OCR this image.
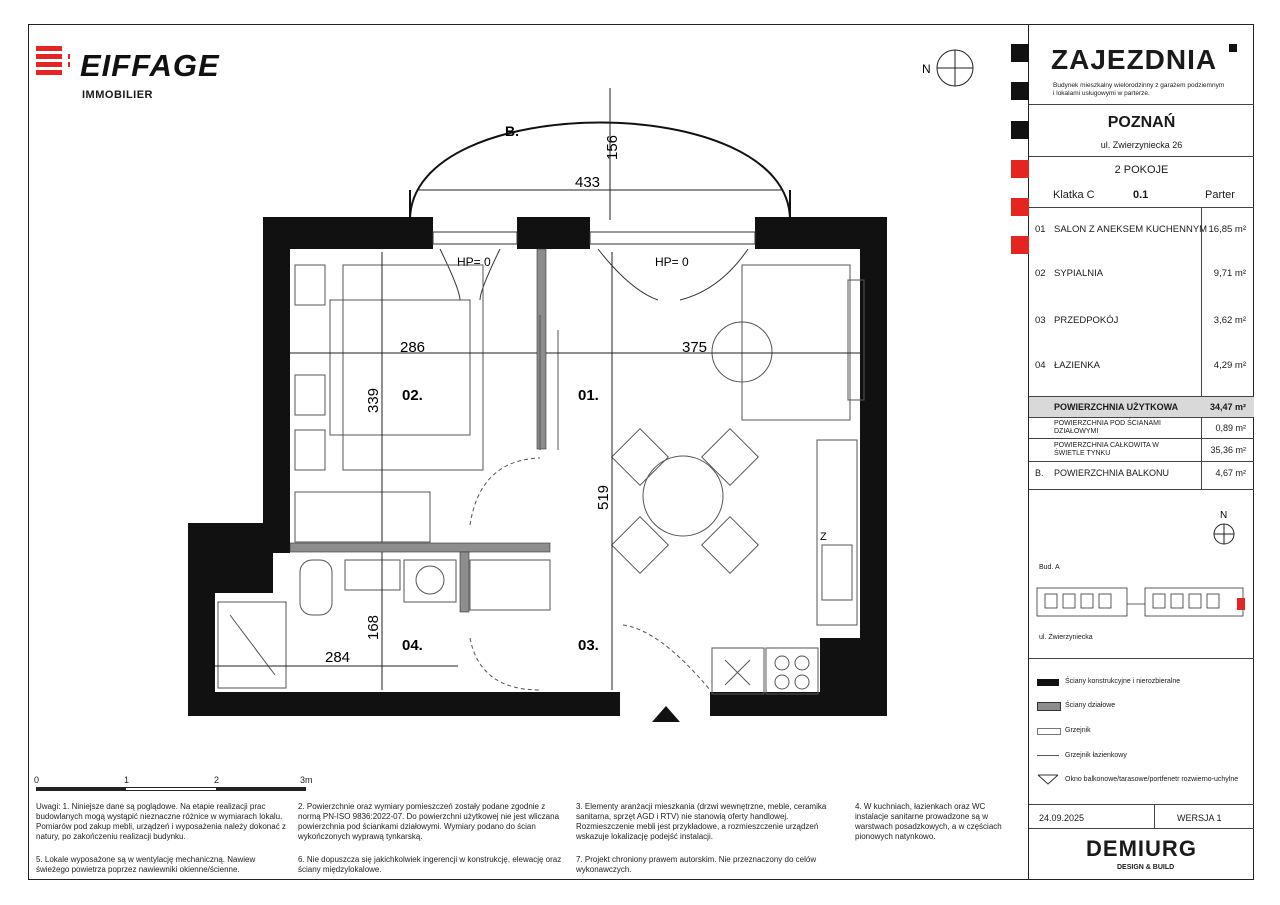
EIFFAGE
IMMOBILIER
B.
HP= 0	HP= 0
Z
156
433
286	375
339
519
168
284
01.
02.
03.
04.
N
0	1	2	3m
Uwagi: 1. Niniejsze dane są poglądowe. Na etapie realizacji prac budowlanych mogą wystąpić nieznaczne różnice w wymiarach lokalu. Pomiarów pod zakup mebli, urządzeń i wyposażenia należy dokonać z natury, po zakończeniu realizacji budynku.
2. Powierzchnie oraz wymiary pomieszczeń zostały podane zgodnie z normą PN-ISO 9836:2022-07. Do powierzchni użytkowej nie jest wliczana powierzchnia pod ściankami działowymi. Wymiary podano do ścian wykończonych wyprawą tynkarską.
3. Elementy aranżacji mieszkania (drzwi wewnętrzne, meble, ceramika sanitarna, sprzęt AGD i RTV) nie stanowią oferty handlowej. Rozmieszczenie mebli jest przykładowe, a rozmieszczenie urządzeń wskazuje lokalizację podejść instalacji.
4. W kuchniach, łazienkach oraz WC instalacje sanitarne prowadzone są w warstwach posadzkowych, a w częściach pionowych natynkowo.
5. Lokale wyposażone są w wentylację mechaniczną. Nawiew świeżego powietrza poprzez nawiewniki okienne/ścienne.
6. Nie dopuszcza się jakichkolwiek ingerencji w konstrukcję, elewację oraz ściany międzylokalowe.
7. Projekt chroniony prawem autorskim. Nie przeznaczony do celów wykonawczych.
ZAJEZDNIA
Budynek mieszkalny wielorodzinny z garażem podziemnym
i lokalami usługowymi w parterze.
POZNAŃ
ul. Zwierzyniecka 26
2 POKOJE
Klatka C	0.1	Parter
01 SALON Z ANEKSEM KUCHENNYM 16,85 m²
02 SYPIALNIA	9,71 m²
03 PRZEDPOKÓJ	3,62 m²
04 ŁAZIENKA	4,29 m²
POWIERZCHNIA UŻYTKOWA	34,47 m²
POWIERZCHNIA POD ŚCIANAMI DZIAŁOWYMI	0,89 m²
POWIERZCHNIA CAŁKOWITA W ŚWIETLE TYNKU	35,36 m²
B. POWIERZCHNIA BALKONU	4,67 m²
N
Bud. A
ul. Zwierzyniecka
Ściany konstrukcyjne i nierozbieralne
Ściany działowe
Grzejnik
Grzejnik łazienkowy
Okno balkonowe/tarasowe/portfenetr rozwierno-uchylne
24.09.2025	WERSJA 1
DEMIURG
DESIGN & BUILD
